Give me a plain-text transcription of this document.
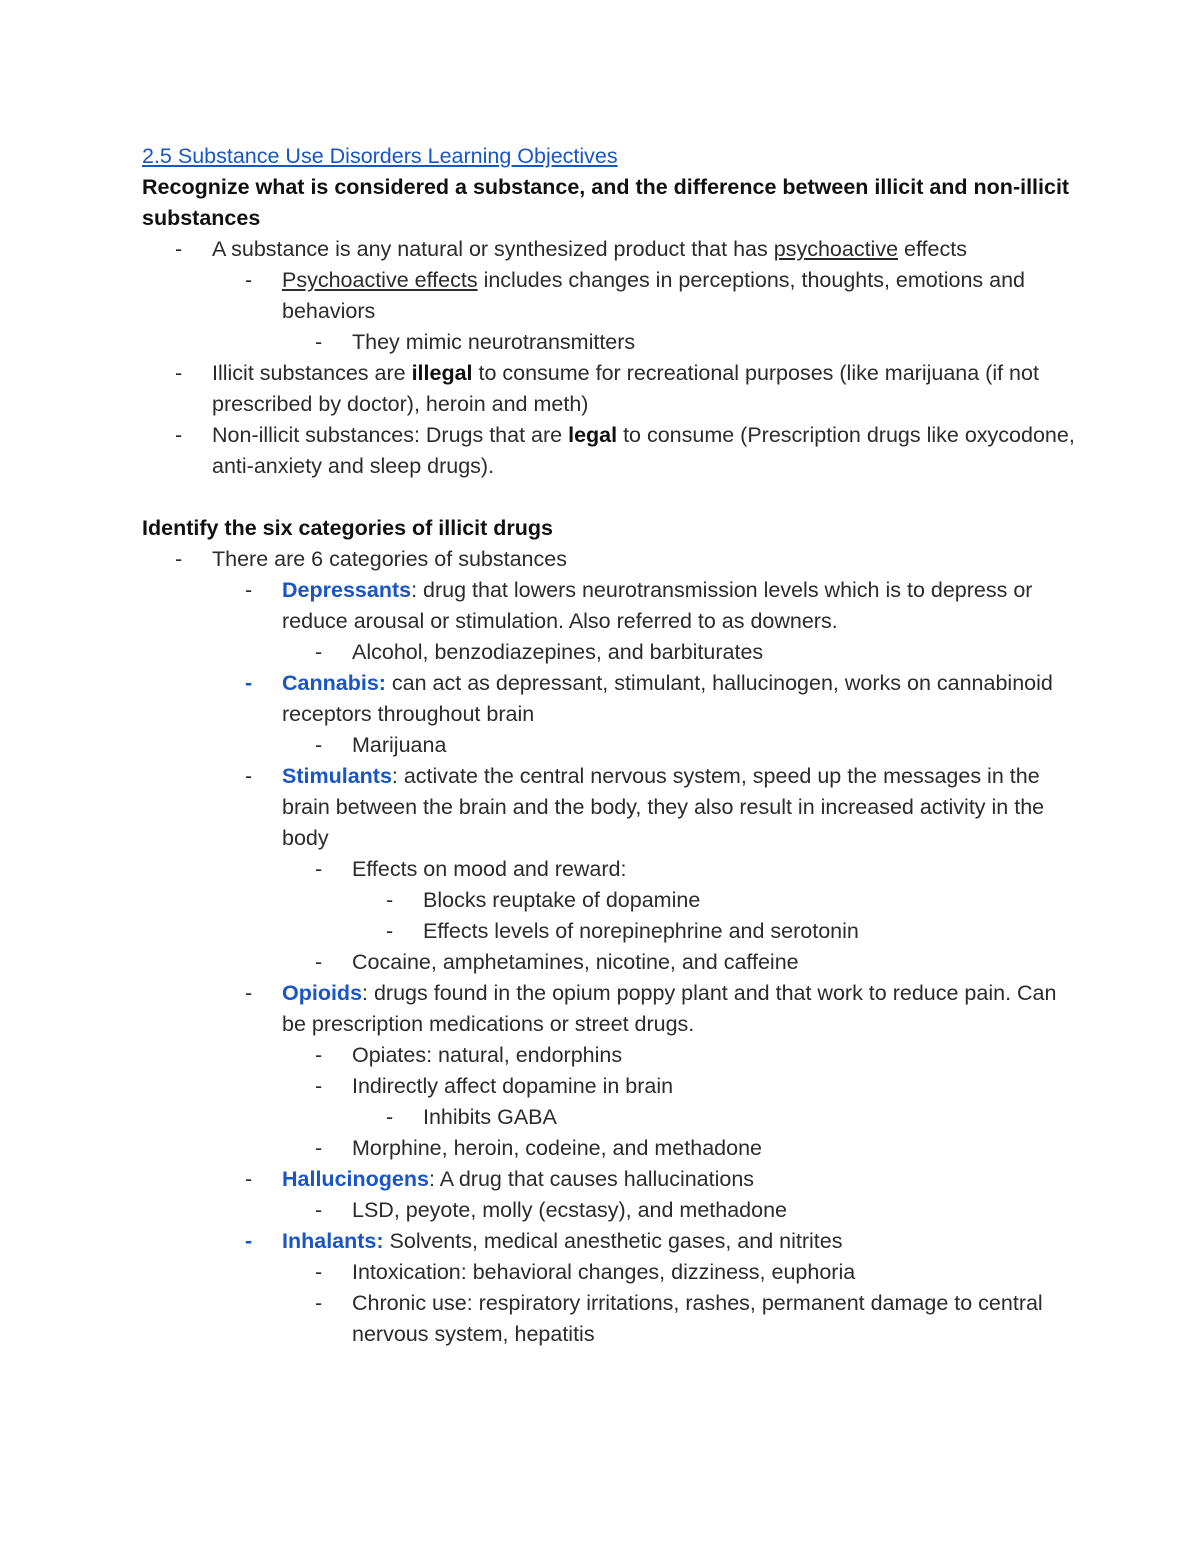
2.5 Substance Use Disorders Learning Objectives

Recognize what is considered a substance, and the difference between illicit and non-illicit substances

- A substance is any natural or synthesized product that has psychoactive effects
- Psychoactive effects includes changes in perceptions, thoughts, emotions and behaviors
- They mimic neurotransmitters
- Illicit substances are illegal to consume for recreational purposes (like marijuana (if not prescribed by doctor), heroin and meth)
- Non-illicit substances: Drugs that are legal to consume (Prescription drugs like oxycodone, anti-anxiety and sleep drugs).

Identify the six categories of illicit drugs

- There are 6 categories of substances
- Depressants: drug that lowers neurotransmission levels which is to depress or reduce arousal or stimulation. Also referred to as downers.
- Alcohol, benzodiazepines, and barbiturates
- Cannabis: can act as depressant, stimulant, hallucinogen, works on cannabinoid receptors throughout brain
- Marijuana
- Stimulants: activate the central nervous system, speed up the messages in the brain between the brain and the body, they also result in increased activity in the body
- Effects on mood and reward:
- Blocks reuptake of dopamine
- Effects levels of norepinephrine and serotonin
- Cocaine, amphetamines, nicotine, and caffeine
- Opioids: drugs found in the opium poppy plant and that work to reduce pain. Can be prescription medications or street drugs.
- Opiates: natural, endorphins
- Indirectly affect dopamine in brain
- Inhibits GABA
- Morphine, heroin, codeine, and methadone
- Hallucinogens: A drug that causes hallucinations
- LSD, peyote, molly (ecstasy), and methadone
- Inhalants: Solvents, medical anesthetic gases, and nitrites
- Intoxication: behavioral changes, dizziness, euphoria
- Chronic use: respiratory irritations, rashes, permanent damage to central nervous system, hepatitis
